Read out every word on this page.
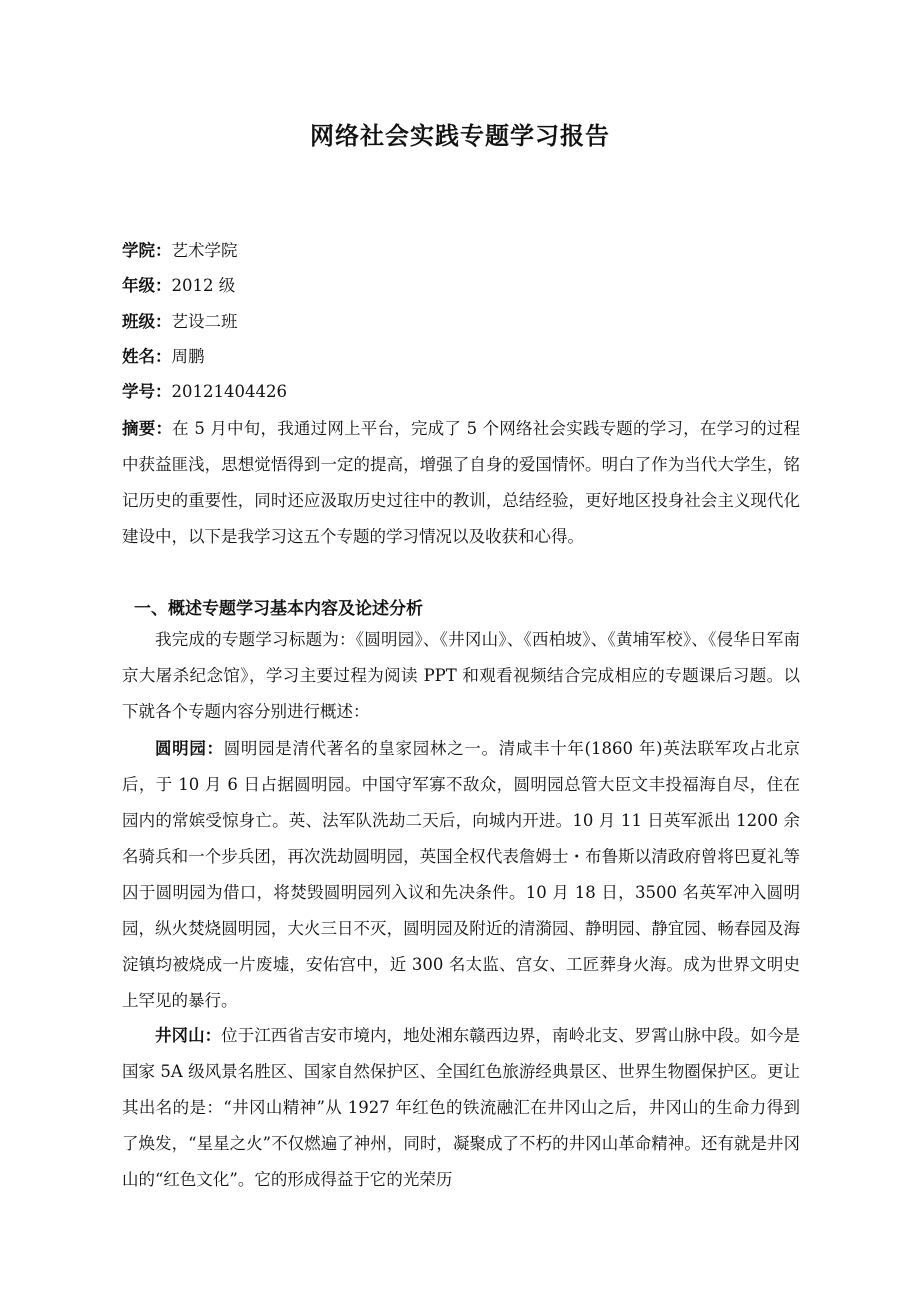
网络社会实践专题学习报告
学院：艺术学院
年级：2012 级
班级：艺设二班
姓名：周鹏
学号：20121404426

摘要：在 5 月中旬，我通过网上平台，完成了 5 个网络社会实践专题的学习，在学习的过程中获益匪浅，思想觉悟得到一定的提高，增强了自身的爱国情怀。明白了作为当代大学生，铭记历史的重要性，同时还应汲取历史过往中的教训，总结经验，更好地区投身社会主义现代化建设中，以下是我学习这五个专题的学习情况以及收获和心得。

一、概述专题学习基本内容及论述分析

我完成的专题学习标题为：《圆明园》、《井冈山》、《西柏坡》、《黄埔军校》、《侵华日军南京大屠杀纪念馆》，学习主要过程为阅读 PPT 和观看视频结合完成相应的专题课后习题。以下就各个专题内容分别进行概述：

圆明园：圆明园是清代著名的皇家园林之一。清咸丰十年(1860 年)英法联军攻占北京后，于 10 月 6 日占据圆明园。中国守军寡不敌众，圆明园总管大臣文丰投福海自尽，住在园内的常嫔受惊身亡。英、法军队洗劫二天后，向城内开进。10 月 11 日英军派出 1200 余名骑兵和一个步兵团，再次洗劫圆明园，英国全权代表詹姆士・布鲁斯以清政府曾将巴夏礼等囚于圆明园为借口，将焚毁圆明园列入议和先决条件。10 月 18 日，3500 名英军冲入圆明园，纵火焚烧圆明园，大火三日不灭，圆明园及附近的清漪园、静明园、静宜园、畅春园及海淀镇均被烧成一片废墟，安佑宫中，近 300 名太监、宫女、工匠葬身火海。成为世界文明史上罕见的暴行。

井冈山：位于江西省吉安市境内，地处湘东赣西边界，南岭北支、罗霄山脉中段。如今是国家 5A 级风景名胜区、国家自然保护区、全国红色旅游经典景区、世界生物圈保护区。更让其出名的是：“井冈山精神”从 1927 年红色的铁流融汇在井冈山之后，井冈山的生命力得到了焕发，“星星之火”不仅燃遍了神州，同时，凝聚成了不朽的井冈山革命精神。还有就是井冈山的“红色文化”。它的形成得益于它的光荣历
